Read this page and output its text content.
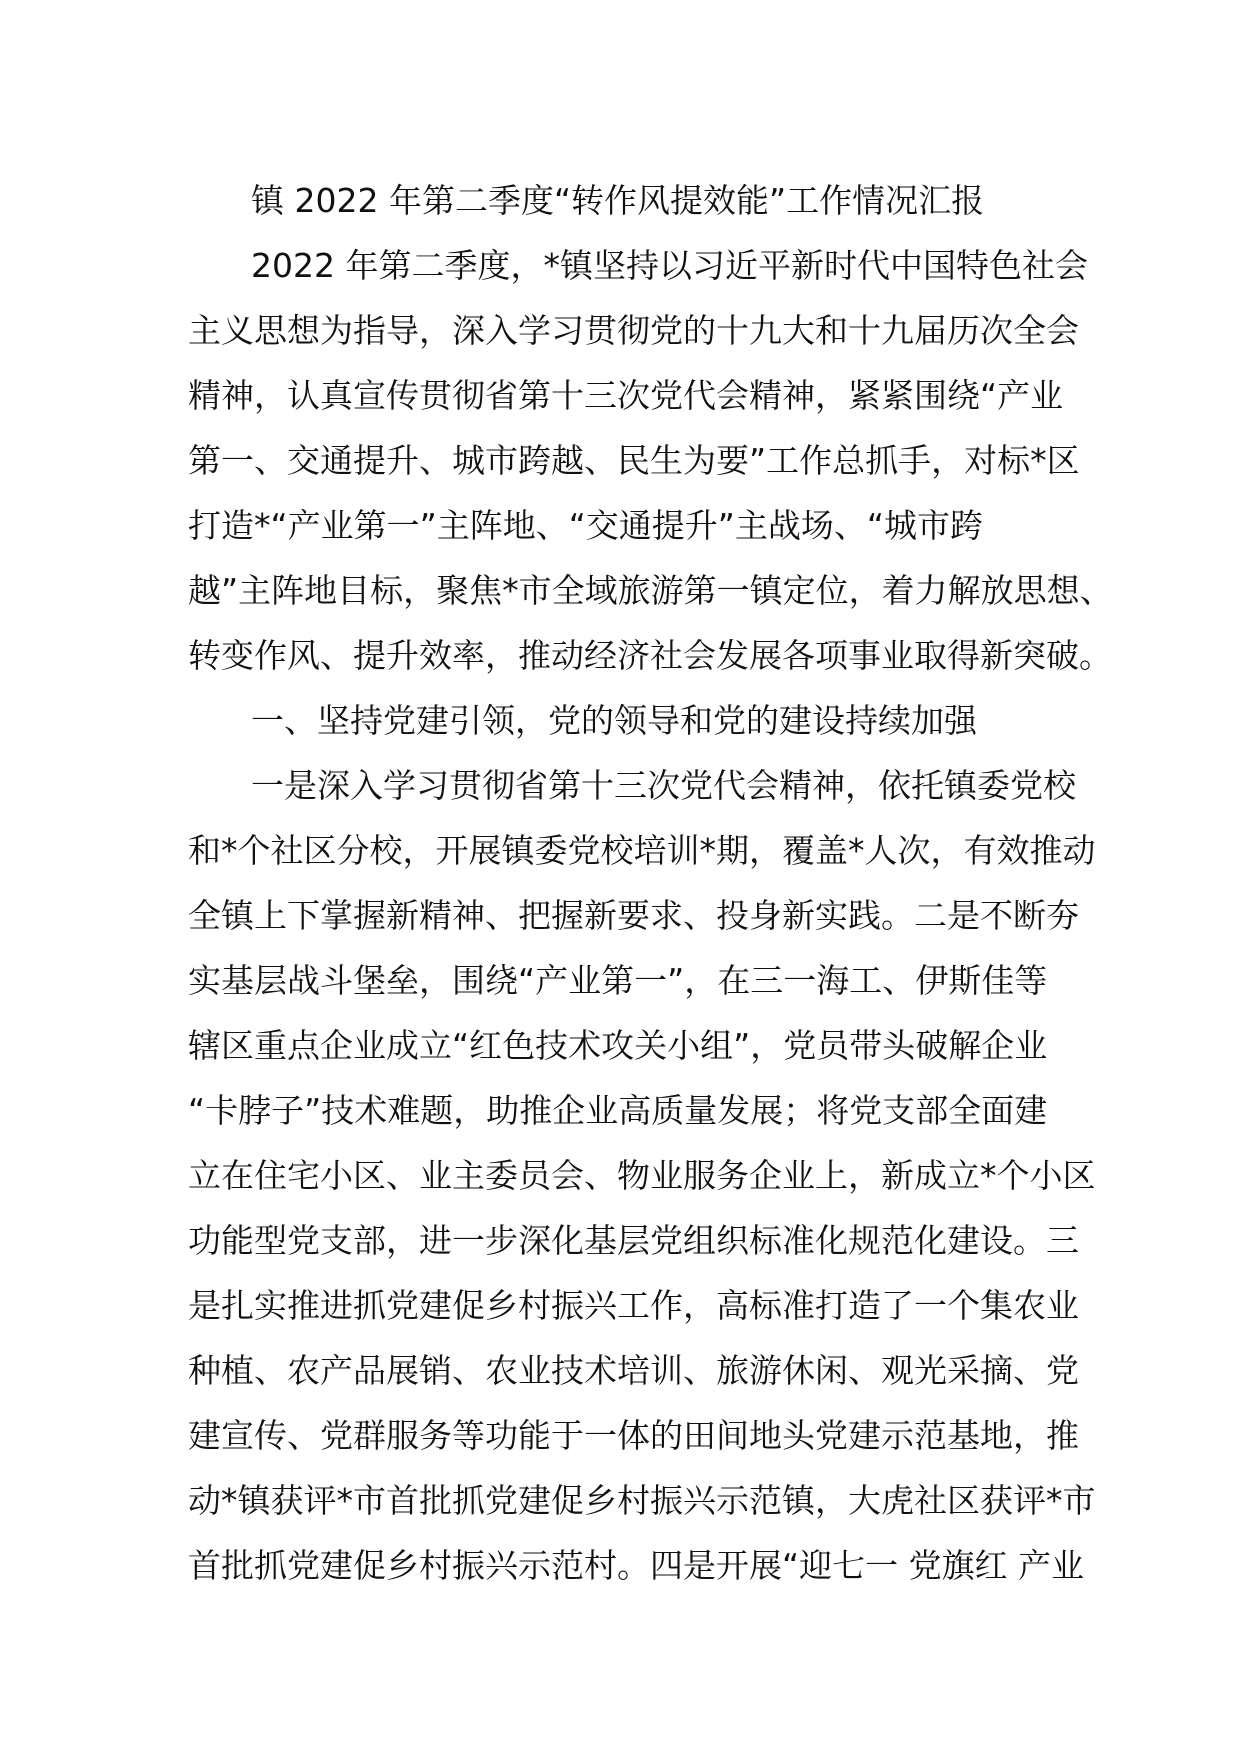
镇 2022 年第二季度“转作风提效能”工作情况汇报
2022 年第二季度，*镇坚持以习近平新时代中国特色社会
主义思想为指导，深入学习贯彻党的十九大和十九届历次全会
精神，认真宣传贯彻省第十三次党代会精神，紧紧围绕“产业
第一、交通提升、城市跨越、民生为要”工作总抓手，对标*区
打造*“产业第一”主阵地、“交通提升”主战场、“城市跨
越”主阵地目标，聚焦*市全域旅游第一镇定位，着力解放思想、
转变作风、提升效率，推动经济社会发展各项事业取得新突破。
一、坚持党建引领，党的领导和党的建设持续加强
一是深入学习贯彻省第十三次党代会精神，依托镇委党校
和*个社区分校，开展镇委党校培训*期，覆盖*人次，有效推动
全镇上下掌握新精神、把握新要求、投身新实践。二是不断夯
实基层战斗堡垒，围绕“产业第一”，在三一海工、伊斯佳等
辖区重点企业成立“红色技术攻关小组”，党员带头破解企业
“卡脖子”技术难题，助推企业高质量发展；将党支部全面建
立在住宅小区、业主委员会、物业服务企业上，新成立*个小区
功能型党支部，进一步深化基层党组织标准化规范化建设。三
是扎实推进抓党建促乡村振兴工作，高标准打造了一个集农业
种植、农产品展销、农业技术培训、旅游休闲、观光采摘、党
建宣传、党群服务等功能于一体的田间地头党建示范基地，推
动*镇获评*市首批抓党建促乡村振兴示范镇，大虎社区获评*市
首批抓党建促乡村振兴示范村。四是开展“迎七一 党旗红 产业
